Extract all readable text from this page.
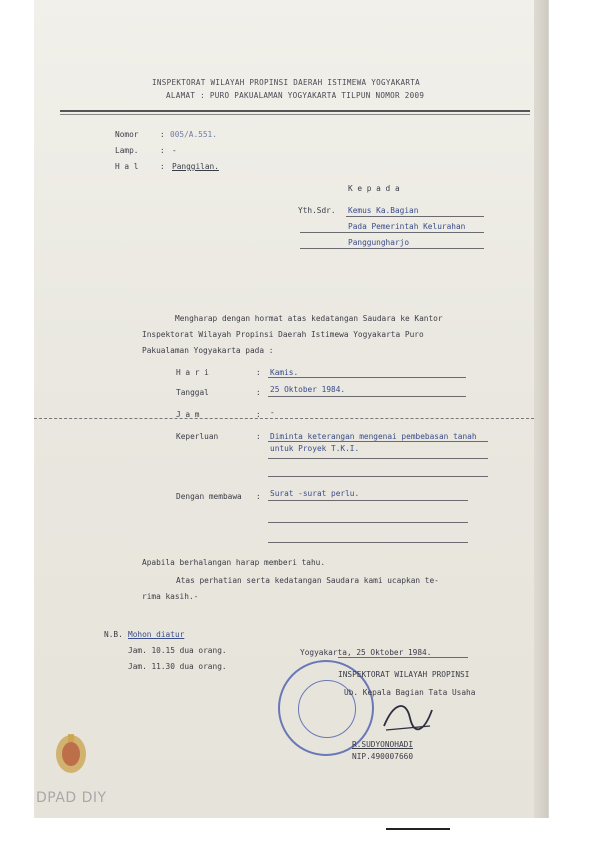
INSPEKTORAT WILAYAH PROPINSI DAERAH ISTIMEWA YOGYAKARTA
ALAMAT : PURO PAKUALAMAN YOGYAKARTA TILPUN NOMOR 2009
Nomor	: 005/A.551.
Lamp.	: -
H a l	: Panggilan.
K e p a d a
Yth.Sdr. Kemus Ka.Bagian
Pada Pemerintah Kelurahan
Panggungharjo
Mengharap dengan hormat atas kedatangan Saudara ke Kantor
Inspektorat Wilayah Propinsi Daerah Istimewa Yogyakarta Puro
Pakualaman Yogyakarta pada :
H a r i	: Kamis.
Tanggal	: 25 Oktober 1984.
J a m	: -
Keperluan	: Diminta keterangan mengenai pembebasan tanah
untuk Proyek T.K.I.
Dengan membawa : Surat -surat perlu.
Apabila berhalangan harap memberi tahu.
Atas perhatian serta kedatangan Saudara kami ucapkan te-
rima kasih.-
N.B. Mohon diatur
Jam. 10.15 dua orang.
Jam. 11.30 dua orang.
Yogyakarta, 25 Oktober 1984.
INSPEKTORAT WILAYAH PROPINSI
Ub. Kepala Bagian Tata Usaha
R.SUDYONOHADI
NIP.490007660
DPAD DIY
